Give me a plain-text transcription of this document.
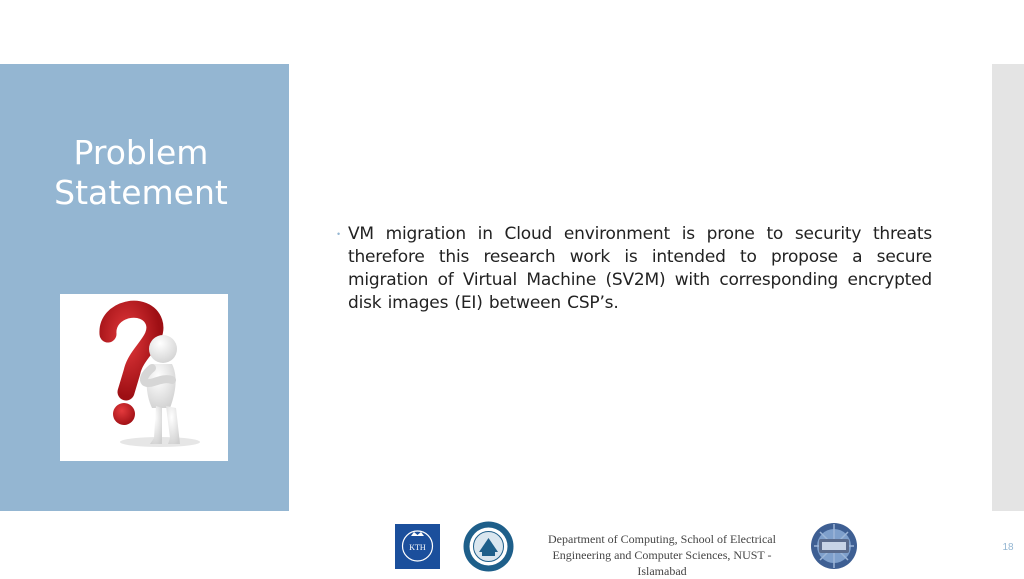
Problem
Statement
• VM migration in Cloud environment is prone to security threats therefore this research work is intended to propose a secure migration of Virtual Machine (SV2M) with corresponding encrypted disk images (EI) between CSP’s.
KTH
Department of Computing, School of Electrical Engineering and Computer Sciences, NUST - Islamabad
18
